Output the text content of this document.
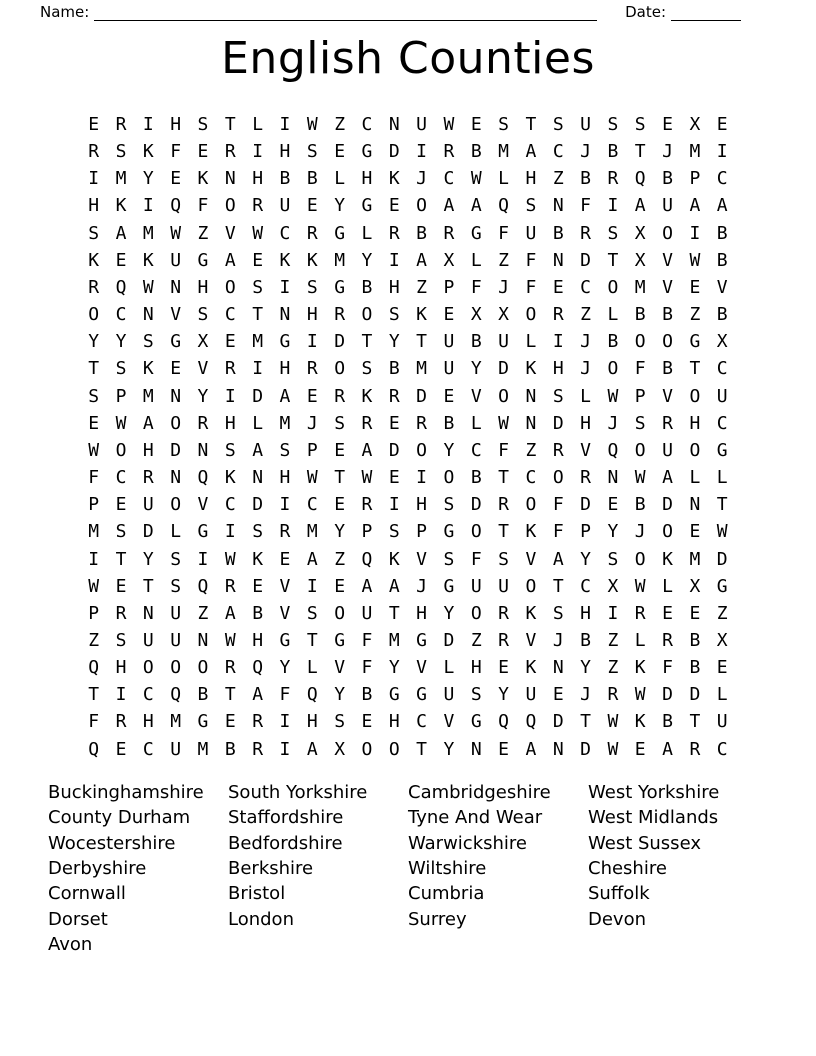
Name:	Date:
English Counties
E R I H S T L I W Z C N U W E S T S U S S E X E
R S K F E R I H S E G D I R B M A C J B T J M I
I M Y E K N H B B L H K J C W L H Z B R Q B P C
H K I Q F O R U E Y G E O A A Q S N F I A U A A
S A M W Z V W C R G L R B R G F U B R S X O I B
K E K U G A E K K M Y I A X L Z F N D T X V W B
R Q W N H O S I S G B H Z P F J F E C O M V E V
O C N V S C T N H R O S K E X X O R Z L B B Z B
Y Y S G X E M G I D T Y T U B U L I J B O O G X
T S K E V R I H R O S B M U Y D K H J O F B T C
S P M N Y I D A E R K R D E V O N S L W P V O U
E W A O R H L M J S R E R B L W N D H J S R H C
W O H D N S A S P E A D O Y C F Z R V Q O U O G
F C R N Q K N H W T W E I O B T C O R N W A L L
P E U O V C D I C E R I H S D R O F D E B D N T
M S D L G I S R M Y P S P G O T K F P Y J O E W
I T Y S I W K E A Z Q K V S F S V A Y S O K M D
W E T S Q R E V I E A A J G U U O T C X W L X G
P R N U Z A B V S O U T H Y O R K S H I R E E Z
Z S U U N W H G T G F M G D Z R V J B Z L R B X
Q H O O O R Q Y L V F Y V L H E K N Y Z K F B E
T I C Q B T A F Q Y B G G U S Y U E J R W D D L
F R H M G E R I H S E H C V G Q Q D T W K B T U
Q E C U M B R I A X O O T Y N E A N D W E A R C
Buckinghamshire
County Durham
Wocestershire
Derbyshire
Cornwall
Dorset
Avon
South Yorkshire
Staffordshire
Bedfordshire
Berkshire
Bristol
London
Cambridgeshire
Tyne And Wear
Warwickshire
Wiltshire
Cumbria
Surrey
West Yorkshire
West Midlands
West Sussex
Cheshire
Suffolk
Devon
